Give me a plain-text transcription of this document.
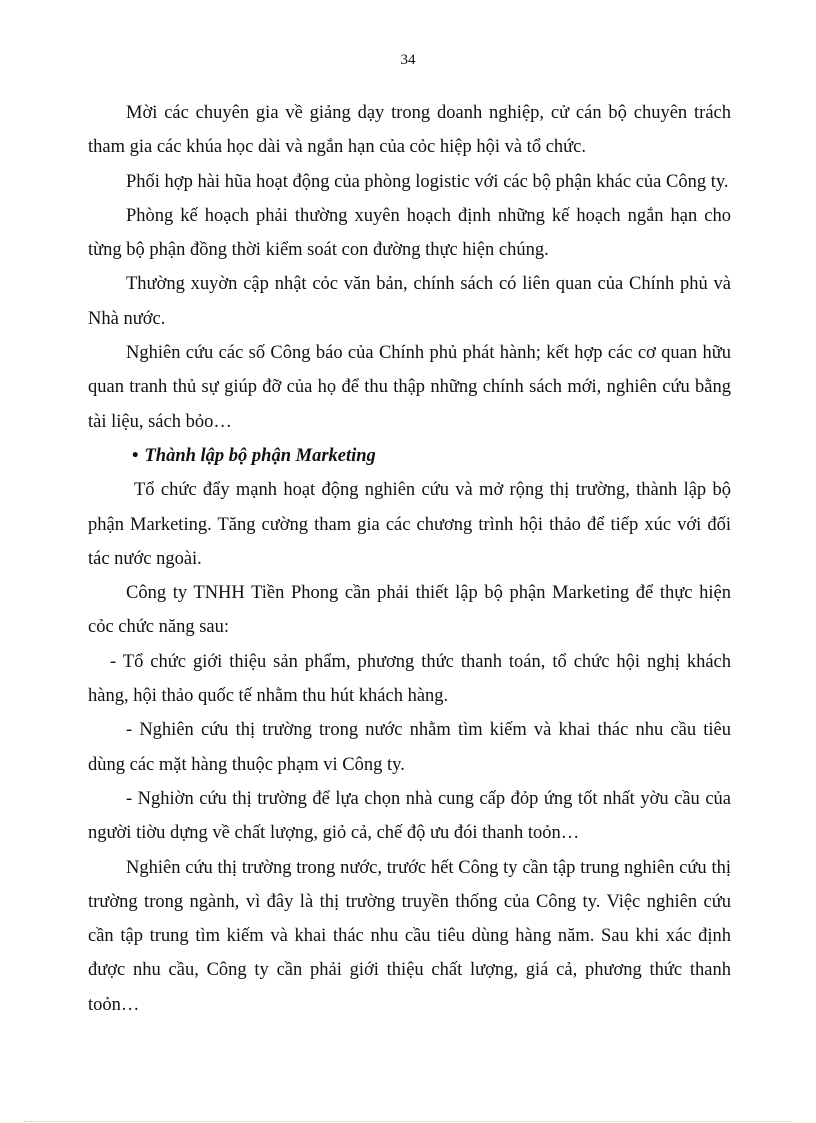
34

Mời các chuyên gia về giảng dạy trong doanh nghiệp, cử cán bộ chuyên trách tham gia các khúa học dài và ngắn hạn của cỏc hiệp hội và tổ chức.

Phối hợp hài hũa hoạt động của phòng logistic với các bộ phận khác của Công ty.

Phòng kế hoạch phải thường xuyên hoạch định những kế hoạch ngắn hạn cho từng bộ phận đồng thời kiểm soát con đường thực hiện chúng.

Thường xuyờn cập nhật cỏc văn bản, chính sách có liên quan của Chính phủ và Nhà nước.

Nghiên cứu các số Công báo của Chính phủ phát hành; kết hợp các cơ quan hữu quan tranh thủ sự giúp đỡ của họ để thu thập những chính sách mới, nghiên cứu bằng tài liệu, sách bỏo…

• Thành lập bộ phận Marketing

Tổ chức đẩy mạnh hoạt động nghiên cứu và mở rộng thị trường, thành lập bộ phận Marketing. Tăng cường tham gia các chương trình hội thảo để tiếp xúc với đối tác nước ngoài.

Công ty TNHH Tiền Phong cần phải thiết lập bộ phận Marketing để thực hiện cỏc chức năng sau:

- Tổ chức giới thiệu sản phẩm, phương thức thanh toán, tổ chức hội nghị khách hàng, hội thảo quốc tế nhằm thu hút khách hàng.

- Nghiên cứu thị trường trong nước nhằm tìm kiếm và khai thác nhu cầu tiêu dùng các mặt hàng thuộc phạm vi Công ty.

- Nghiờn cứu thị trường để lựa chọn nhà cung cấp đỏp ứng tốt nhất yờu cầu của người tiờu dựng về chất lượng, giỏ cả, chế độ ưu đói thanh toỏn…

Nghiên cứu thị trường trong nước, trước hết Công ty cần tập trung nghiên cứu thị trường trong ngành, vì đây là thị trường truyền thống của Công ty. Việc nghiên cứu cần tập trung tìm kiếm và khai thác nhu cầu tiêu dùng hàng năm. Sau khi xác định được nhu cầu, Công ty cần phải giới thiệu chất lượng, giá cả, phương thức thanh toỏn…
